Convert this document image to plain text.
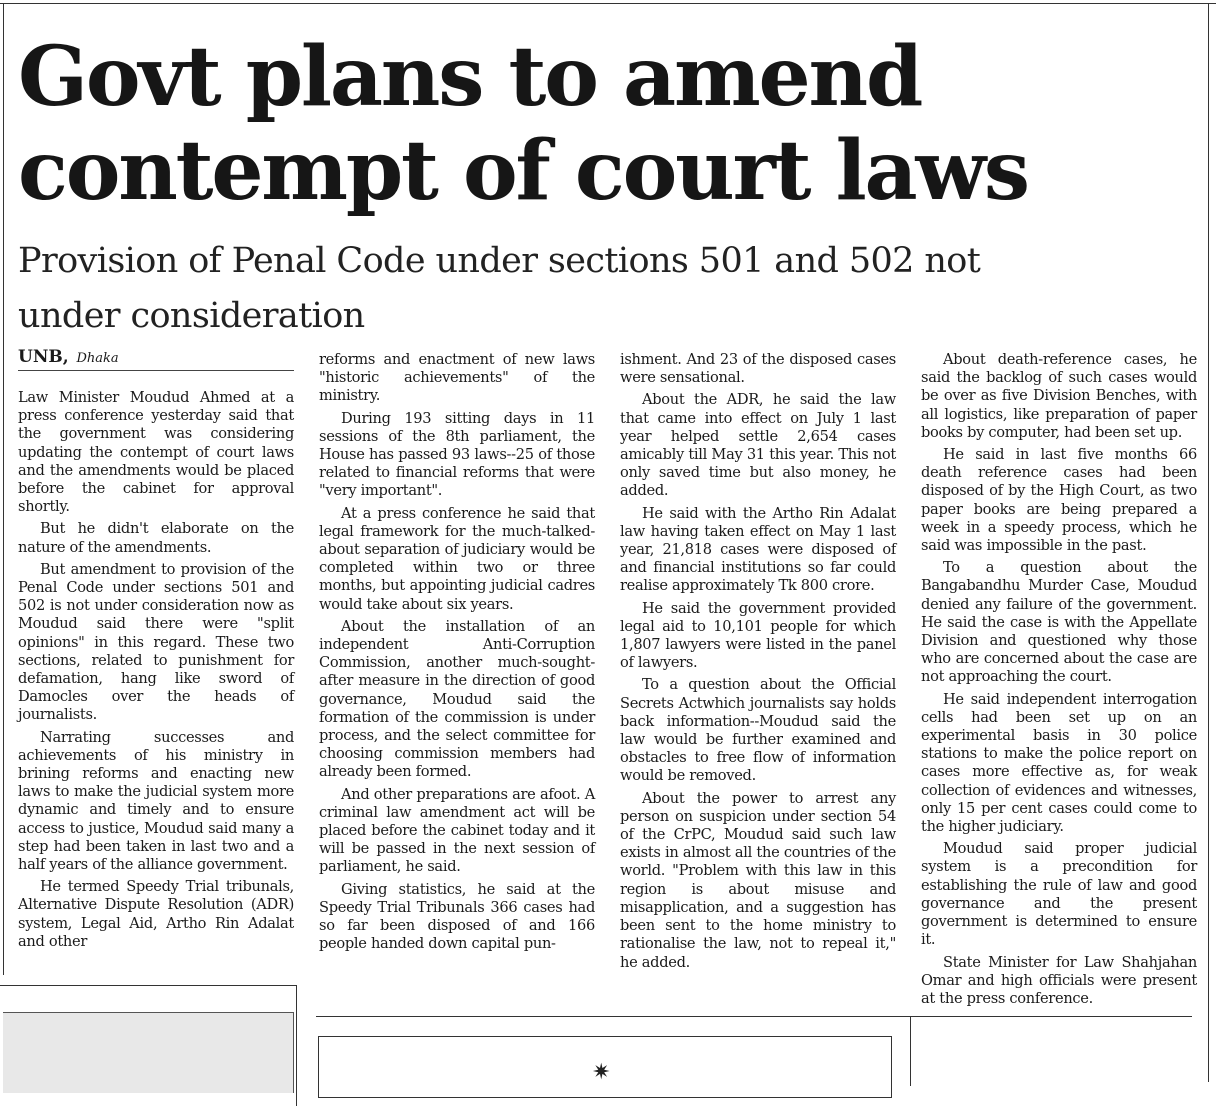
Govt plans to amend contempt of court laws
Provision of Penal Code under sections 501 and 502 not under consideration
UNB, Dhaka

Law Minister Moudud Ahmed at a press conference yesterday said that the government was considering updating the contempt of court laws and the amendments would be placed before the cabinet for approval shortly.

But he didn't elaborate on the nature of the amendments.

But amendment to provision of the Penal Code under sections 501 and 502 is not under consideration now as Moudud said there were "split opinions" in this regard. These two sections, related to punishment for defamation, hang like sword of Damocles over the heads of journalists.

Narrating successes and achievements of his ministry in brining reforms and enacting new laws to make the judicial system more dynamic and timely and to ensure access to justice, Moudud said many a step had been taken in last two and a half years of the alliance government.

He termed Speedy Trial tribunals, Alternative Dispute Resolution (ADR) system, Legal Aid, Artho Rin Adalat and other

reforms and enactment of new laws "historic achievements" of the ministry.

During 193 sitting days in 11 sessions of the 8th parliament, the House has passed 93 laws--25 of those related to financial reforms that were "very important".

At a press conference he said that legal framework for the much-talked-about separation of judiciary would be completed within two or three months, but appointing judicial cadres would take about six years.

About the installation of an independent Anti-Corruption Commission, another much-sought-after measure in the direction of good governance, Moudud said the formation of the commission is under process, and the select committee for choosing commission members had already been formed.

And other preparations are afoot. A criminal law amendment act will be placed before the cabinet today and it will be passed in the next session of parliament, he said.

Giving statistics, he said at the Speedy Trial Tribunals 366 cases had so far been disposed of and 166 people handed down capital pun-

ishment. And 23 of the disposed cases were sensational.

About the ADR, he said the law that came into effect on July 1 last year helped settle 2,654 cases amicably till May 31 this year. This not only saved time but also money, he added.

He said with the Artho Rin Adalat law having taken effect on May 1 last year, 21,818 cases were disposed of and financial institutions so far could realise approximately Tk 800 crore.

He said the government provided legal aid to 10,101 people for which 1,807 lawyers were listed in the panel of lawyers.

To a question about the Official Secrets Actwhich journalists say holds back information--Moudud said the law would be further examined and obstacles to free flow of information would be removed.

About the power to arrest any person on suspicion under section 54 of the CrPC, Moudud said such law exists in almost all the countries of the world. "Problem with this law in this region is about misuse and misapplication, and a suggestion has been sent to the home ministry to rationalise the law, not to repeal it," he added.

About death-reference cases, he said the backlog of such cases would be over as five Division Benches, with all logistics, like preparation of paper books by computer, had been set up.

He said in last five months 66 death reference cases had been disposed of by the High Court, as two paper books are being prepared a week in a speedy process, which he said was impossible in the past.

To a question about the Bangabandhu Murder Case, Moudud denied any failure of the government. He said the case is with the Appellate Division and questioned why those who are concerned about the case are not approaching the court.

He said independent interrogation cells had been set up on an experimental basis in 30 police stations to make the police report on cases more effective as, for weak collection of evidences and witnesses, only 15 per cent cases could come to the higher judiciary.

Moudud said proper judicial system is a precondition for establishing the rule of law and good governance and the present government is determined to ensure it.

State Minister for Law Shahjahan Omar and high officials were present at the press conference.

✷
